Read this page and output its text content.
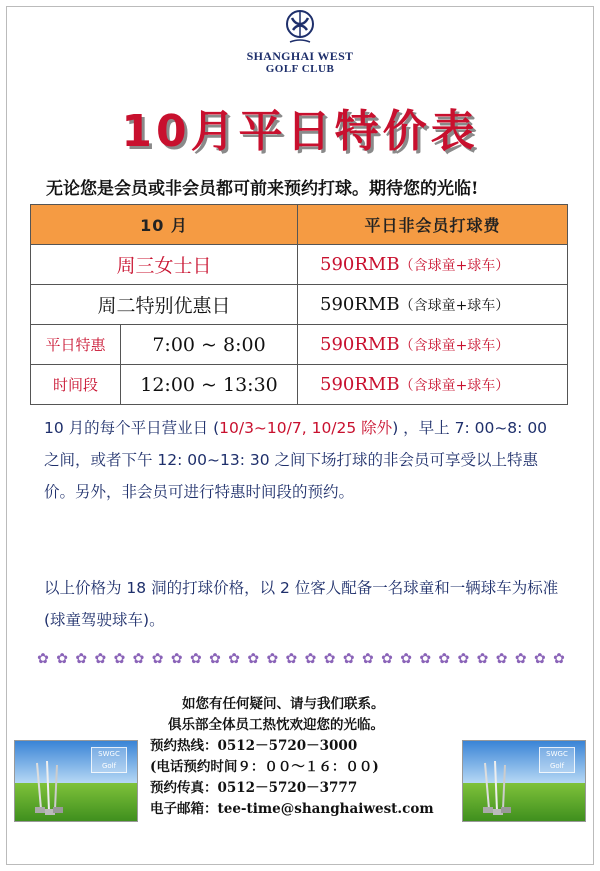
SHANGHAI WEST
GOLF CLUB
10月平日特价表
无论您是会员或非会员都可前来预约打球。期待您的光临!
10 月		平日非会员打球费
周三女士日		590RMB（含球童+球车）
周二特别优惠日		590RMB（含球童+球车）
平日特惠	7:00 ~ 8:00	590RMB（含球童+球车）
时间段	12:00 ~ 13:30	590RMB（含球童+球车）
10 月的每个平日营业日 (10/3~10/7, 10/25 除外) ，早上 7: 00~8: 00 之间，或者下午 12: 00~13: 30 之间下场打球的非会员可享受以上特惠价。另外，非会员可进行特惠时间段的预约。
以上价格为 18 洞的打球价格，以 2 位客人配备一名球童和一辆球车为标准 (球童驾驶球车)。
✿ ✿ ✿ ✿ ✿ ✿ ✿ ✿ ✿ ✿ ✿ ✿ ✿ ✿ ✿ ✿ ✿ ✿ ✿ ✿ ✿ ✿ ✿ ✿ ✿ ✿ ✿ ✿
SWGC Golf
SWGC Golf
如您有任何疑问、请与我们联系。
俱乐部全体员工热忱欢迎您的光临。
预约热线：0512－5720－3000
(电话预约时间９：００～１６：００)
预约传真：0512－5720－3777
电子邮箱：tee-time@shanghaiwest.com
